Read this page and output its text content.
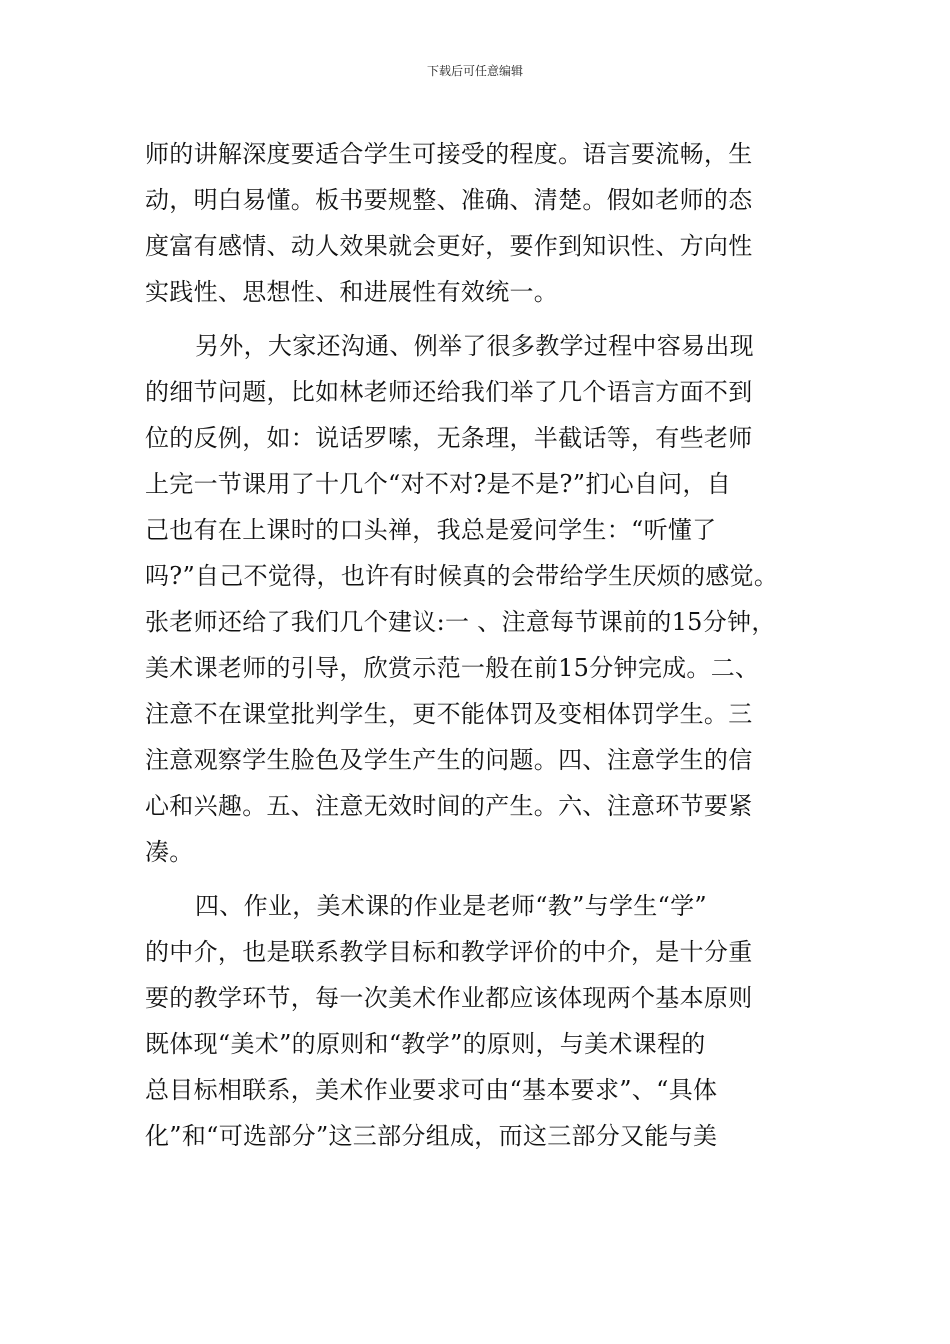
下载后可任意编辑
师的讲解深度要适合学生可接受的程度。语言要流畅，生
动，明白易懂。板书要规整、准确、清楚。假如老师的态
度富有感情、动人效果就会更好，要作到知识性、方向性
实践性、思想性、和进展性有效统一。
另外，大家还沟通、例举了很多教学过程中容易出现
的细节问题，比如林老师还给我们举了几个语言方面不到
位的反例，如：说话罗嗦，无条理，半截话等，有些老师
上完一节课用了十几个“对不对?是不是?”扪心自问，自
己也有在上课时的口头禅，我总是爱问学生：“听懂了
吗?”自己不觉得，也许有时候真的会带给学生厌烦的感觉。
张老师还给了我们几个建议:一 、注意每节课前的15分钟，
美术课老师的引导，欣赏示范一般在前15分钟完成。二、
注意不在课堂批判学生，更不能体罚及变相体罚学生。三
注意观察学生脸色及学生产生的问题。四、注意学生的信
心和兴趣。五、注意无效时间的产生。六、注意环节要紧
凑。
四、作业，美术课的作业是老师“教”与学生“学”
的中介，也是联系教学目标和教学评价的中介，是十分重
要的教学环节，每一次美术作业都应该体现两个基本原则
既体现“美术”的原则和“教学”的原则，与美术课程的
总目标相联系，美术作业要求可由“基本要求”、“具体
化”和“可选部分”这三部分组成，而这三部分又能与美
